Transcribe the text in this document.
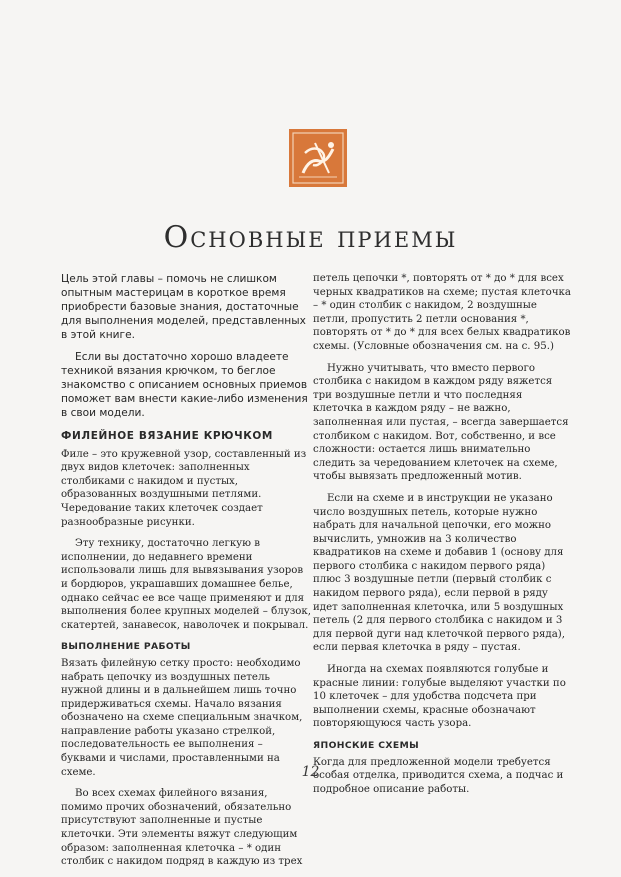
Основные приемы

Цель этой главы – помочь не слишком опытным мастерицам в короткое время приобрести базовые знания, достаточные для выполнения моделей, представленных в этой книге.

Если вы достаточно хорошо владеете техникой вязания крючком, то беглое знакомство с описанием основных приемов поможет вам внести какие-либо изменения в свои модели.

ФИЛЕЙНОЕ ВЯЗАНИЕ КРЮЧКОМ

Филе – это кружевной узор, составленный из двух видов клеточек: заполненных столбиками с накидом и пустых, образованных воздушными петлями. Чередование таких клеточек создает разнообразные рисунки.

Эту технику, достаточно легкую в исполнении, до недавнего времени использовали лишь для вывязывания узоров и бордюров, украшавших домашнее белье, однако сейчас ее все чаще применяют и для выполнения более крупных моделей – блузок, скатертей, занавесок, наволочек и покрывал.

ВЫПОЛНЕНИЕ РАБОТЫ

Вязать филейную сетку просто: необходимо набрать цепочку из воздушных петель нужной длины и в дальнейшем лишь точно придерживаться схемы. Начало вязания обозначено на схеме специальным значком, направление работы указано стрелкой, последовательность ее выполнения – буквами и числами, проставленными на схеме.

Во всех схемах филейного вязания, помимо прочих обозначений, обязательно присутствуют заполненные и пустые клеточки. Эти элементы вяжут следующим образом: заполненная клеточка – * один столбик с накидом подряд в каждую из трех

петель цепочки *, повторять от * до * для всех черных квадратиков на схеме; пустая клеточка – * один столбик с накидом, 2 воздушные петли, пропустить 2 петли основания *, повторять от * до * для всех белых квадратиков схемы. (Условные обозначения см. на с. 95.)

Нужно учитывать, что вместо первого столбика с накидом в каждом ряду вяжется три воздушные петли и что последняя клеточка в каждом ряду – не важно, заполненная или пустая, – всегда завершается столбиком с накидом. Вот, собственно, и все сложности: остается лишь внимательно следить за чередованием клеточек на схеме, чтобы вывязать предложенный мотив.

Если на схеме и в инструкции не указано число воздушных петель, которые нужно набрать для начальной цепочки, его можно вычислить, умножив на 3 количество квадратиков на схеме и добавив 1 (основу для первого столбика с накидом первого ряда) плюс 3 воздушные петли (первый столбик с накидом первого ряда), если первой в ряду идет заполненная клеточка, или 5 воздушных петель (2 для первого столбика с накидом и 3 для первой дуги над клеточкой первого ряда), если первая клеточка в ряду – пустая.

Иногда на схемах появляются голубые и красные линии: голубые выделяют участки по 10 клеточек – для удобства подсчета при выполнении схемы, красные обозначают повторяющуюся часть узора.

ЯПОНСКИЕ СХЕМЫ

Когда для предложенной модели требуется особая отделка, приводится схема, а подчас и подробное описание работы.

12
